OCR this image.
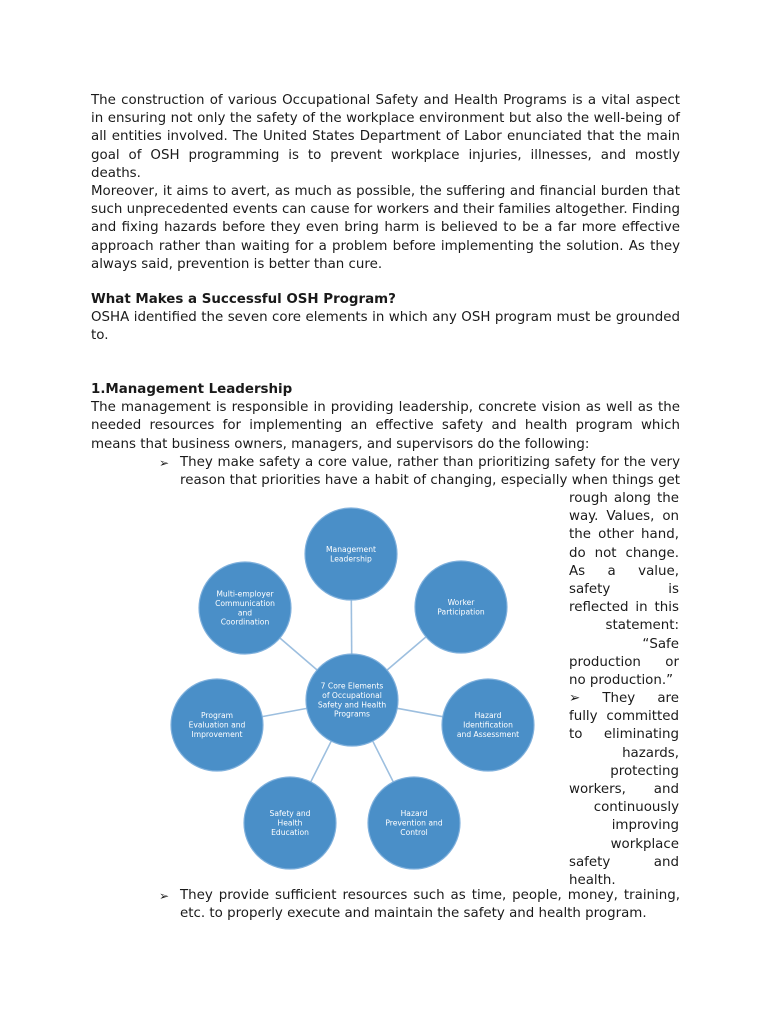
The construction of various Occupational Safety and Health Programs is a vital aspect

in ensuring not only the safety of the workplace environment but also the well-being of

all entities involved. The United States Department of Labor enunciated that the main

goal of OSH programming is to prevent workplace injuries, illnesses, and mostly deaths.

Moreover, it aims to avert, as much as possible, the suffering and financial burden that

such unprecedented events can cause for workers and their families altogether. Finding

and fixing hazards before they even bring harm is believed to be a far more effective

approach rather than waiting for a problem before implementing the solution. As they

always said, prevention is better than cure.

What Makes a Successful OSH Program?

OSHA identified the seven core elements in which any OSH program must be grounded

to.

1.Management Leadership

The management is responsible in providing leadership, concrete vision as well as the

needed resources for implementing an effective safety and health program which

means that business owners, managers, and supervisors do the following:

➢ They make safety a core value, rather than prioritizing safety for the very

reason that priorities have a habit of changing, especially when things get

rough along the
way. Values, on
the other hand,
do not change.
As a value,
safety is
reflected in this
statement:
“Safe
production or
no production.”
➢ They are
fully committed
to eliminating
hazards,
protecting
workers, and
continuously
improving
workplace
safety and
health.
➢ They provide sufficient resources such as time, people, money, training,

etc. to properly execute and maintain the safety and health program.

7 Core Elements
of Occupational
Safety and Health
Programs
Management
Leadership
Worker
Participation
Hazard
Identification
and Assessment
Hazard
Prevention and
Control
Safety and
Health
Education
Program
Evaluation and
Improvement
Multi-employer
Communication
and
Coordination
